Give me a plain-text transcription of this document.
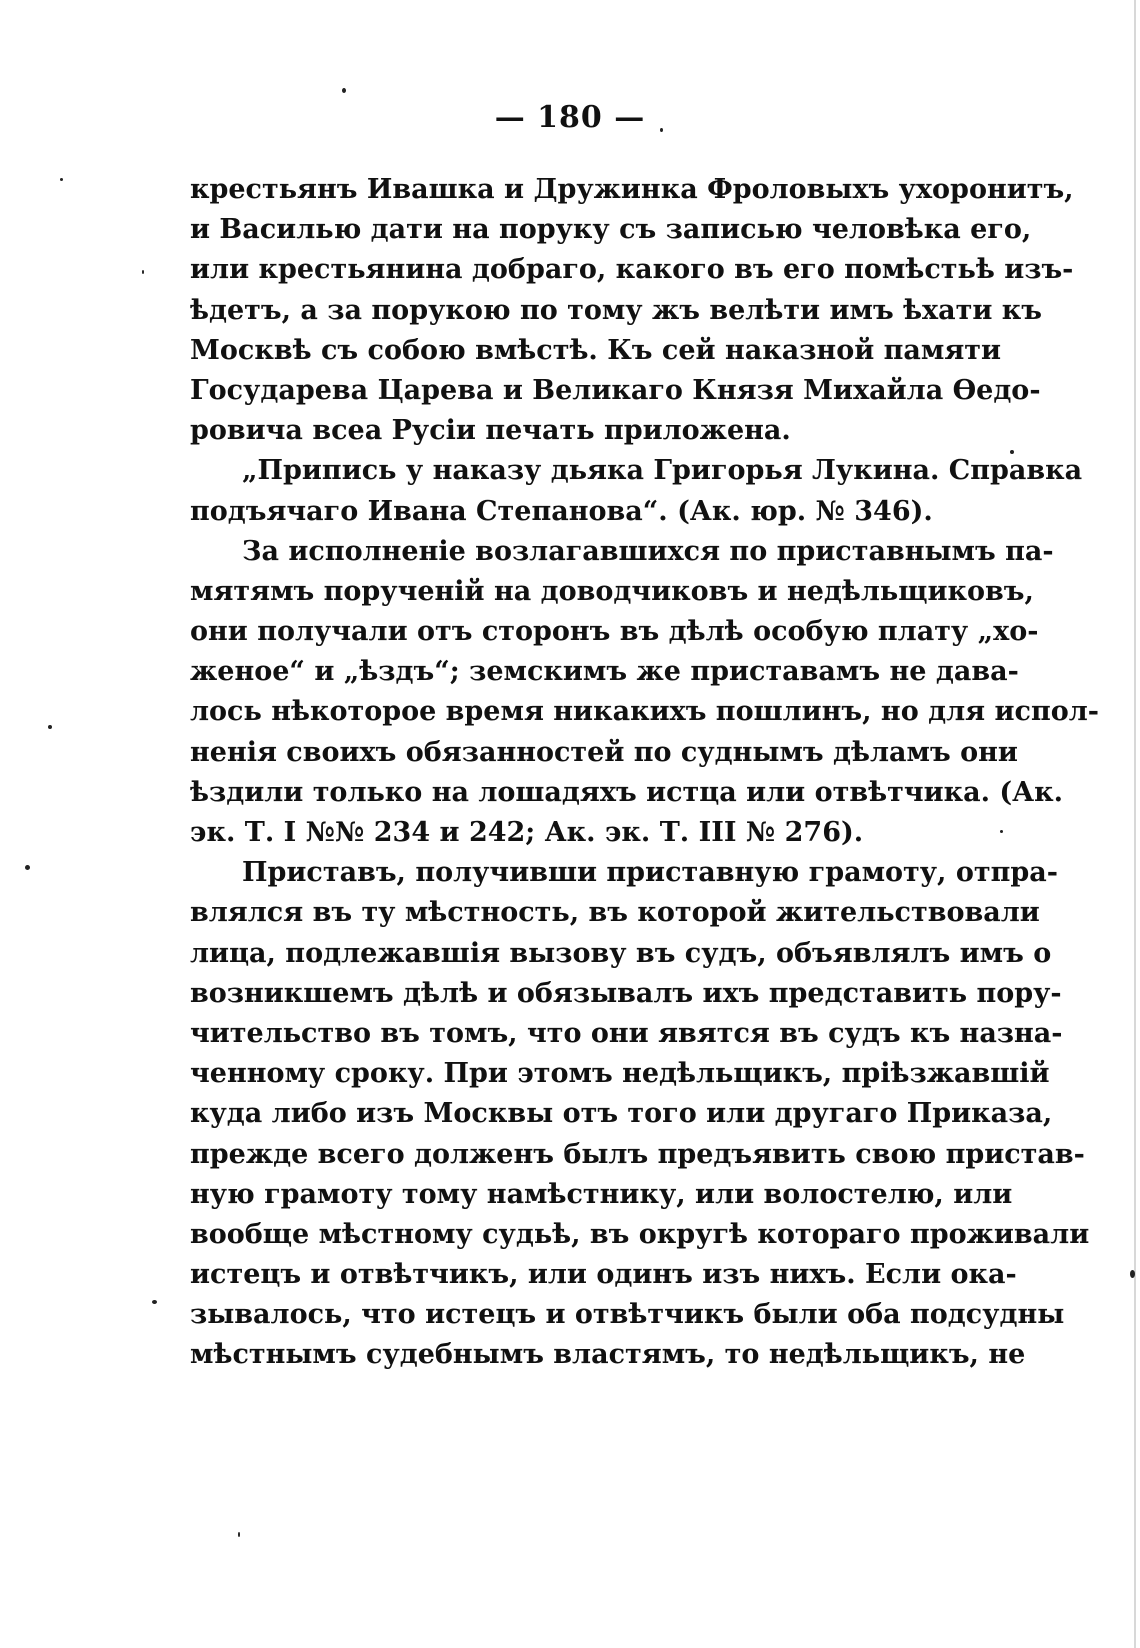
— 180 —
крестьянъ Ивашка и Дружинка Фроловыхъ ухоронитъ,
и Василью дати на поруку съ записью человѣка его,
или крестьянина добраго, какого въ его помѣстьѣ изъ-
ѣдетъ, а за порукою по тому жъ велѣти имъ ѣхати къ
Москвѣ съ собою вмѣстѣ. Къ сей наказной памяти
Государева Царева и Великаго Князя Михайла Ѳедо-
ровича всеа Русіи печать приложена.
„Припись у наказу дьяка Григорья Лукина. Справка
подъячаго Ивана Степанова“. (Ак. юр. № 346).
За исполненіе возлагавшихся по приставнымъ па-
мятямъ порученій на доводчиковъ и недѣльщиковъ,
они получали отъ сторонъ въ дѣлѣ особую плату „хо-
женое“ и „ѣздъ“; земскимъ же приставамъ не дава-
лось нѣкоторое время никакихъ пошлинъ, но для испол-
ненія своихъ обязанностей по суднымъ дѣламъ они
ѣздили только на лошадяхъ истца или отвѣтчика. (Ак.
эк. Т. I №№ 234 и 242; Ак. эк. Т. III № 276).
Приставъ, получивши приставную грамоту, отпра-
влялся въ ту мѣстность, въ которой жительствовали
лица, подлежавшія вызову въ судъ, объявлялъ имъ о
возникшемъ дѣлѣ и обязывалъ ихъ представить пору-
чительство въ томъ, что они явятся въ судъ къ назна-
ченному сроку. При этомъ недѣльщикъ, пріѣзжавшій
куда либо изъ Москвы отъ того или другаго Приказа,
прежде всего долженъ былъ предъявить свою пристав-
ную грамоту тому намѣстнику, или волостелю, или
вообще мѣстному судьѣ, въ округѣ котораго проживали
истецъ и отвѣтчикъ, или одинъ изъ нихъ. Если ока-
зывалось, что истецъ и отвѣтчикъ были оба подсудны
мѣстнымъ судебнымъ властямъ, то недѣльщикъ, не
